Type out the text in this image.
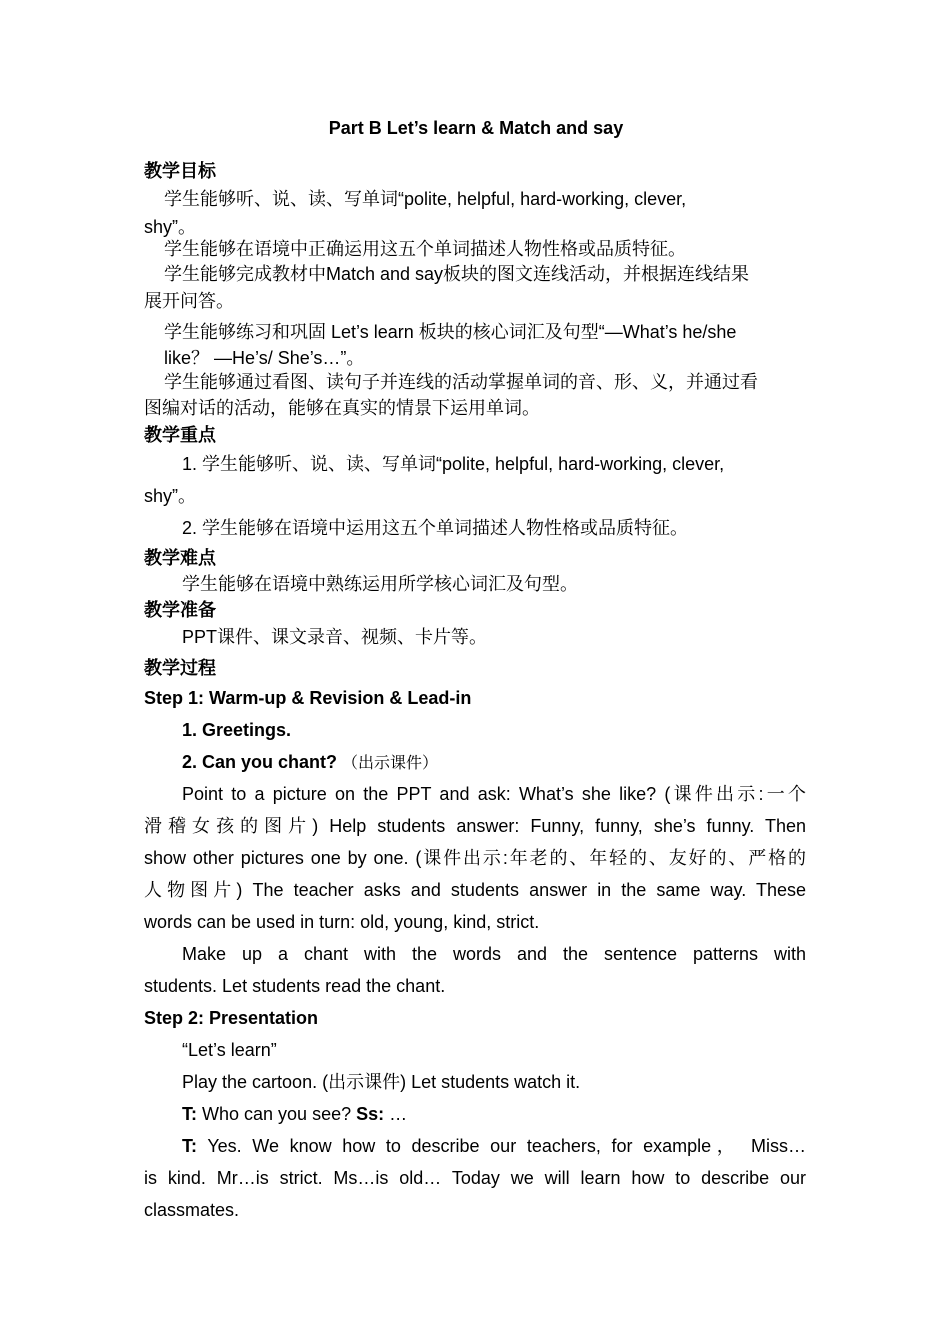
Part B Let’s learn & Match and say
教学目标
学生能够听、说、读、写单词“polite, helpful, hard-working, clever,
shy”。
学生能够在语境中正确运用这五个单词描述人物性格或品质特征。
学生能够完成教材中Match and say板块的图文连线活动，并根据连线结果
展开问答。
学生能够练习和巩固 Let’s learn 板块的核心词汇及句型“—What’s he/she
like？ —He’s/ She’s…”。
学生能够通过看图、读句子并连线的活动掌握单词的音、形、义，并通过看
图编对话的活动，能够在真实的情景下运用单词。
教学重点
1. 学生能够听、说、读、写单词“polite, helpful, hard-working, clever,
shy”。
2. 学生能够在语境中运用这五个单词描述人物性格或品质特征。
教学难点
学生能够在语境中熟练运用所学核心词汇及句型。
教学准备
PPT课件、课文录音、视频、卡片等。
教学过程
Step 1: Warm-up & Revision & Lead-in
1. Greetings.
2. Can you chant? （出示课件）
Point to a picture on the PPT and ask: What’s she like? (课件出示:一个
滑稽女孩的图片) Help students answer: Funny, funny, she’s funny. Then
show other pictures one by one. (课件出示:年老的、年轻的、友好的、严格的
人物图片) The teacher asks and students answer in the same way. These
words can be used in turn: old, young, kind, strict.
Make up a chant with the words and the sentence patterns with
students. Let students read the chant.
Step 2: Presentation
“Let’s learn”
Play the cartoon. (出示课件) Let students watch it.
T: Who can you see? Ss: …
T: Yes. We know how to describe our teachers, for example， Miss…
is kind. Mr…is strict. Ms…is old… Today we will learn how to describe our
classmates.
